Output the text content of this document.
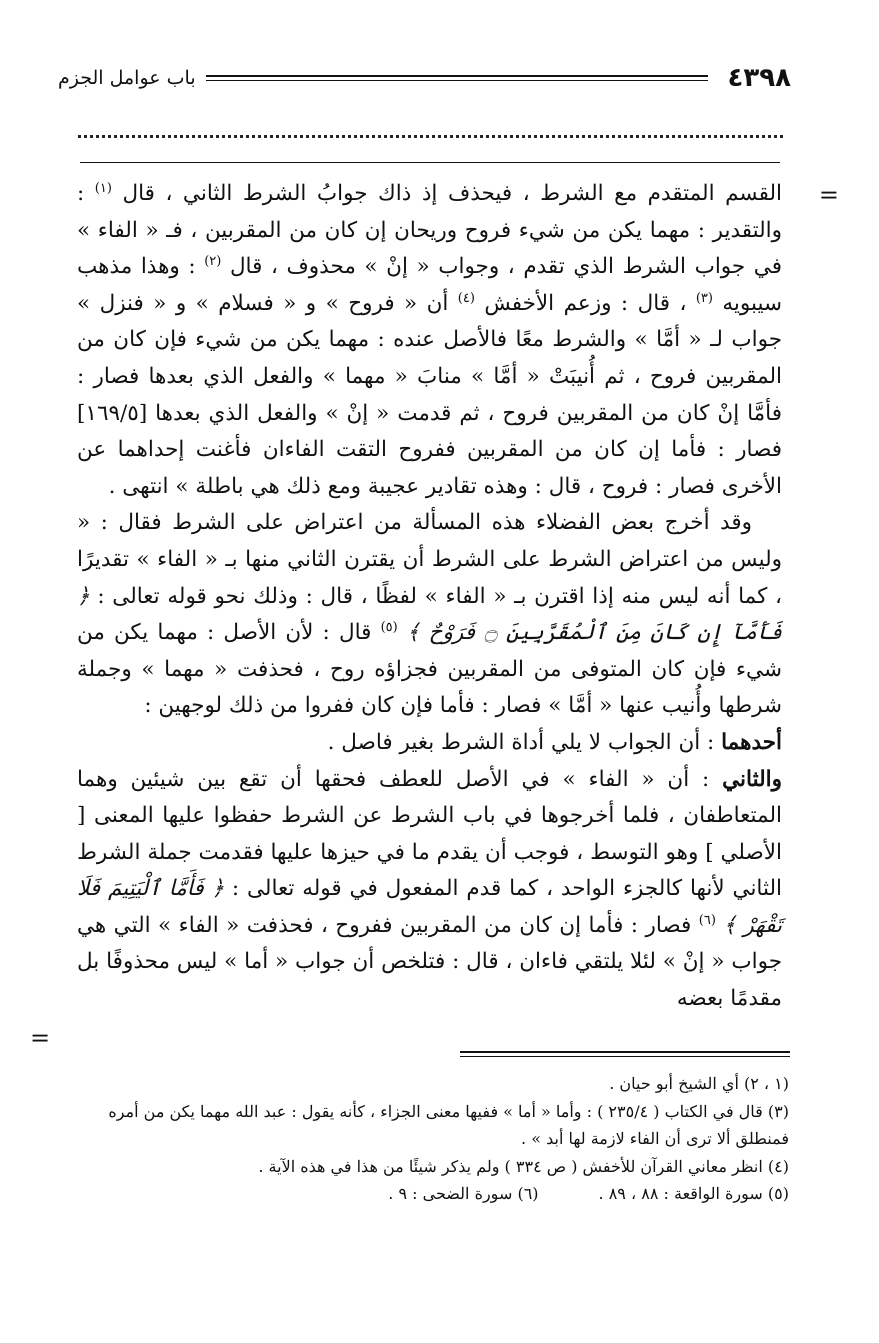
٤٣٩٨
باب عوامل الجزم
=
=

القسم المتقدم مع الشرط ، فيحذف إذ ذاك جوابُ الشرط الثاني ، قال $^{(١)}$ : والتقدير : مهما يكن من شيء فروح وريحان إن كان من المقربين ، فـ « الفاء » في جواب الشرط الذي تقدم ، وجواب « إنْ » محذوف ، قال $^{(٢)}$ : وهذا مذهب سيبويه $^{(٣)}$ ، قال : وزعم الأخفش $^{(٤)}$ أن « فروح » و « فسلام » و « فنزل » جواب لـ « أمَّا » والشرط معًا فالأصل عنده : مهما يكن من شيء فإن كان من المقربين فروح ، ثم أُنيبَتْ « أمَّا » منابَ « مهما » والفعل الذي بعدها فصار : فأمَّا إنْ كان من المقربين فروح ، ثم قدمت « إنْ » والفعل الذي بعدها [١٦٩/٥] فصار : فأما إن كان من المقربين ففروح التقت الفاءان فأغنت إحداهما عن الأخرى فصار : فروح ، قال : وهذه تقادير عجيبة ومع ذلك هي باطلة » انتهى .

وقد أخرج بعض الفضلاء هذه المسألة من اعتراض على الشرط فقال : « وليس من اعتراض الشرط على الشرط أن يقترن الثاني منها بـ « الفاء » تقديرًا ، كما أنه ليس منه إذا اقترن بـ « الفاء » لفظًا ، قال : وذلك نحو قوله تعالى : ﴿ فَأَمَّآ إِن كَانَ مِنَ ٱلْمُقَرَّبِينَ ۝ فَرَوْحٌ ﴾ $^{(٥)}$ قال : لأن الأصل : مهما يكن من شيء فإن كان المتوفى من المقربين فجزاؤه روح ، فحذفت « مهما » وجملة شرطها وأُنيب عنها « أمَّا » فصار : فأما فإن كان ففروا من ذلك لوجهين :

أحدهما : أن الجواب لا يلي أداة الشرط بغير فاصل .

والثاني : أن « الفاء » في الأصل للعطف فحقها أن تقع بين شيئين وهما المتعاطفان ، فلما أخرجوها في باب الشرط عن الشرط حفظوا عليها المعنى [ الأصلي ] وهو التوسط ، فوجب أن يقدم ما في حيزها عليها فقدمت جملة الشرط الثاني لأنها كالجزء الواحد ، كما قدم المفعول في قوله تعالى : ﴿ فَأَمَّا ٱلْيَتِيمَ فَلَا تَقْهَرْ ﴾ $^{(٦)}$ فصار : فأما إن كان من المقربين ففروح ، فحذفت « الفاء » التي هي جواب « إنْ » لئلا يلتقي فاءان ، قال : فتلخص أن جواب « أما » ليس محذوفًا بل مقدمًا بعضه

(١ ، ٢) أي الشيخ أبو حيان .

(٣) قال في الكتاب ( ٢٣٥/٤ ) : وأما « أما » ففيها معنى الجزاء ، كأنه يقول : عبد الله مهما يكن من أمره فمنطلق ألا ترى أن الفاء لازمة لها أبد » .

(٤) انظر معاني القرآن للأخفش ( ص ٣٣٤ ) ولم يذكر شيئًا من هذا في هذه الآية .

(٥) سورة الواقعة : ٨٨ ، ٨٩ .
(٦) سورة الضحى : ٩ .
